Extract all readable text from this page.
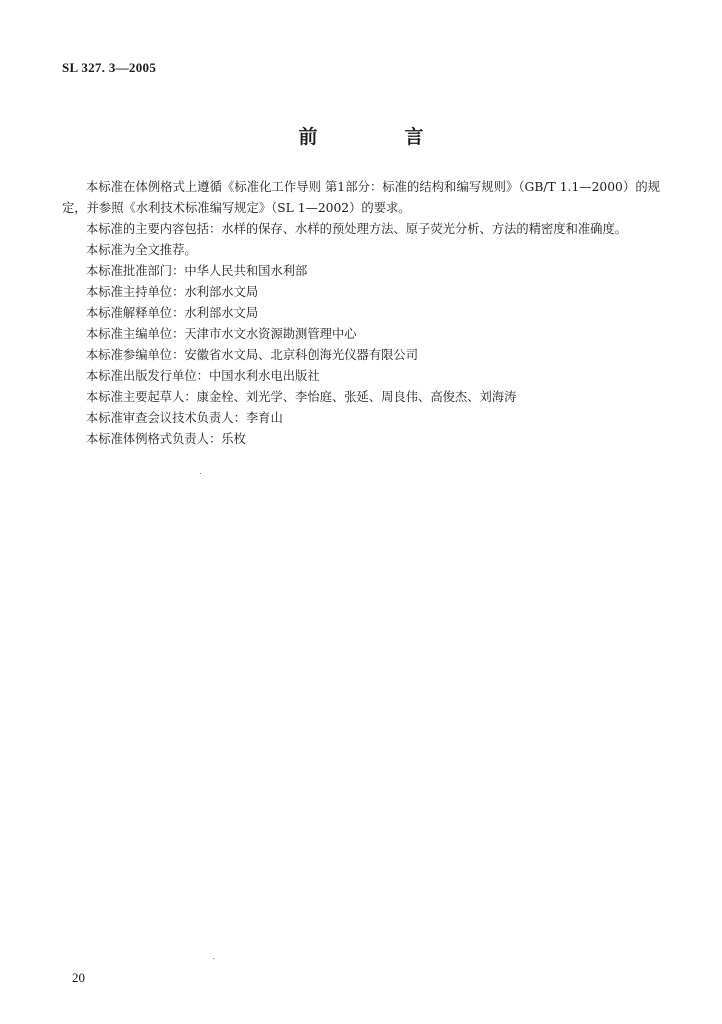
SL 327. 3—2005
前　言

本标准在体例格式上遵循《标准化工作导则 第1部分：标准的结构和编写规则》（GB/T 1.1—2000）的规定，并参照《水利技术标准编写规定》（SL 1—2002）的要求。

本标准的主要内容包括：水样的保存、水样的预处理方法、原子荧光分析、方法的精密度和准确度。

本标准为全文推荐。

本标准批准部门：中华人民共和国水利部

本标准主持单位：水利部水文局

本标准解释单位：水利部水文局

本标准主编单位：天津市水文水资源勘测管理中心

本标准参编单位：安徽省水文局、北京科创海光仪器有限公司

本标准出版发行单位：中国水利水电出版社

本标准主要起草人：康金栓、刘光学、李怡庭、张延、周良伟、高俊杰、刘海涛

本标准审查会议技术负责人：李育山

本标准体例格式负责人：乐枚

20
